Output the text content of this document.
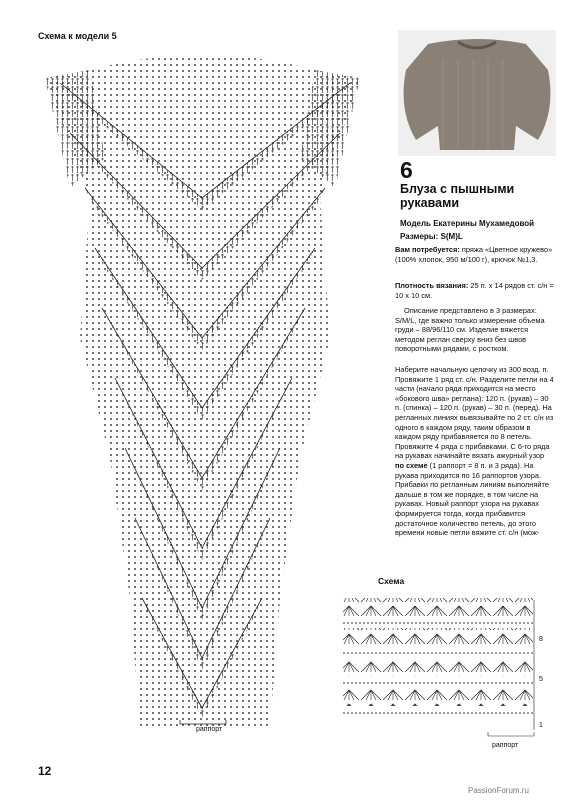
Схема к модели 5
раппорт
6
Блуза с пышными рукавами
Модель Екатерины Мухамедовой
Размеры: S(M)L
Вам потребуется: пряжа «Цветное кружево» (100% хлопок, 950 м/100 г), крючок №1,3.
Плотность вязания: 25 п. х 14 рядов ст. с/н = 10 х 10 см.
Описание представлено в 3 размерах: S/M/L, где важно только измерение объема груди – 88/96/110 см. Изделие вяжется методом реглан сверху вниз без швов поворотными рядами, с ростком.
Наберите начальную цепочку из 300 возд. п. Провяжите 1 ряд ст. с/н. Разделите петли на 4 части (начало ряда приходится на место «бокового шва» реглана): 120 п. (рукав) – 30 п. (спинка) – 120 п. (рукав) – 30 п. (перед). На регланных линиях вывязывайте по 2 ст. с/н из одного в каждом ряду, таким образом в каждом ряду прибавляется по 8 петель. Провяжите 4 ряда с прибавками. С 6-го ряда на рукавах начинайте вязать ажурный узор по схеме (1 раппорт = 8 п. и 3 ряда). На рукава приходится по 16 раппортов узора. Прибавки по регланным линиям выполняйте дальше в том же порядке, в том числе на рукавах. Новый раппорт узора на рукавах формируется тогда, когда прибавится достаточное количество петель, до этого времени новые петли вяжите ст. с/н (мож-
Схема
8
5
1
раппорт
12
PassionForum.ru
